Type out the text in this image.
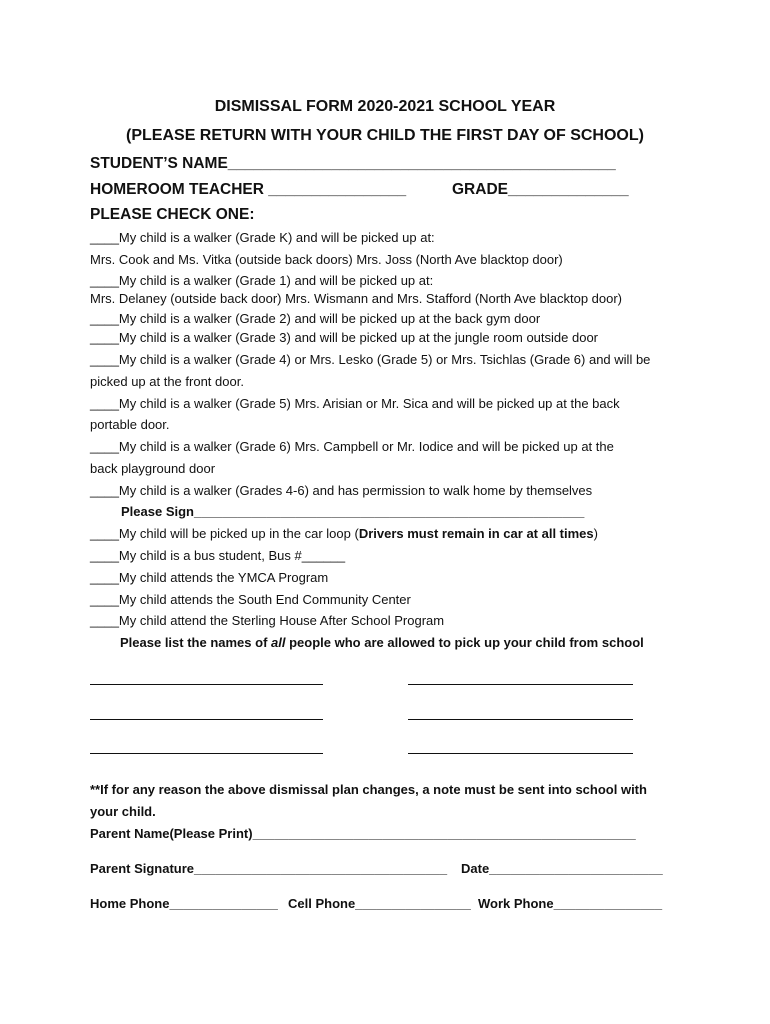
DISMISSAL FORM 2020-2021 SCHOOL YEAR
(PLEASE RETURN WITH YOUR CHILD THE FIRST DAY OF SCHOOL)
STUDENT’S NAME_____________________________________________
HOMEROOM TEACHER ________________	GRADE______________
PLEASE CHECK ONE:
____My child is a walker (Grade K) and will be picked up at:
Mrs. Cook and Ms. Vitka (outside back doors) Mrs. Joss (North Ave blacktop door)
____My child is a walker (Grade 1) and will be picked up at:
Mrs. Delaney (outside back door) Mrs. Wismann and Mrs. Stafford (North Ave blacktop door)
____My child is a walker (Grade 2) and will be picked up at the back gym door
____My child is a walker (Grade 3) and will be picked up at the jungle room outside door
____My child is a walker (Grade 4) or Mrs. Lesko (Grade 5) or Mrs. Tsichlas (Grade 6) and will be
picked up at the front door.
____My child is a walker (Grade 5) Mrs. Arisian or Mr. Sica and will be picked up at the back
portable door.
____My child is a walker (Grade 6) Mrs. Campbell or Mr. Iodice and will be picked up at the
back playground door
____My child is a walker (Grades 4-6) and has permission to walk home by themselves
Please Sign______________________________________________________
____My child will be picked up in the car loop (Drivers must remain in car at all times)
____My child is a bus student, Bus #______
____My child attends the YMCA Program
____My child attends the South End Community Center
____My child attend the Sterling House After School Program
Please list the names of all people who are allowed to pick up your child from school
**If for any reason the above dismissal plan changes, a note must be sent into school with
your child.
Parent Name(Please Print)_____________________________________________________
Parent Signature___________________________________ Date________________________
Home Phone_______________ Cell Phone________________ Work Phone_______________
